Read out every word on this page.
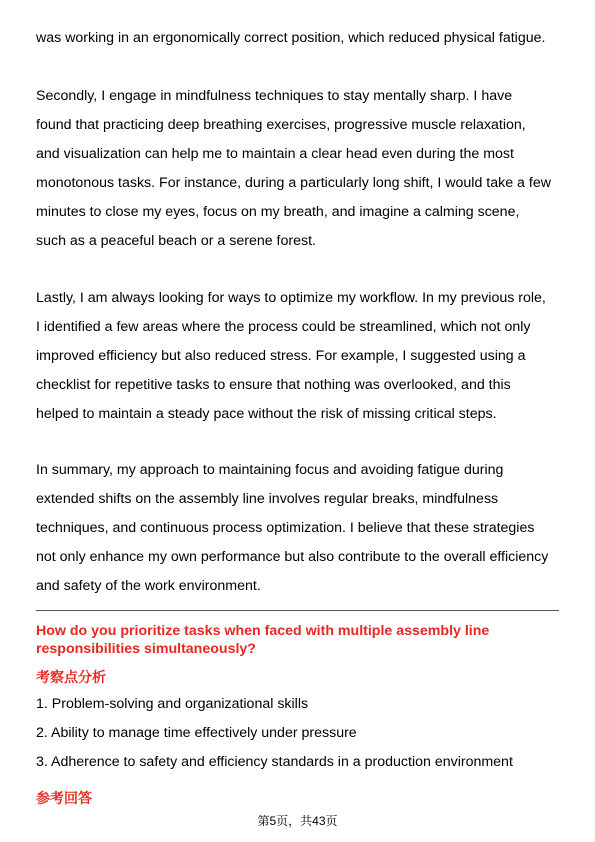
was working in an ergonomically correct position, which reduced physical fatigue.
Secondly, I engage in mindfulness techniques to stay mentally sharp. I have
found that practicing deep breathing exercises, progressive muscle relaxation,
and visualization can help me to maintain a clear head even during the most
monotonous tasks. For instance, during a particularly long shift, I would take a few
minutes to close my eyes, focus on my breath, and imagine a calming scene,
such as a peaceful beach or a serene forest.
Lastly, I am always looking for ways to optimize my workflow. In my previous role,
I identified a few areas where the process could be streamlined, which not only
improved efficiency but also reduced stress. For example, I suggested using a
checklist for repetitive tasks to ensure that nothing was overlooked, and this
helped to maintain a steady pace without the risk of missing critical steps.
In summary, my approach to maintaining focus and avoiding fatigue during
extended shifts on the assembly line involves regular breaks, mindfulness
techniques, and continuous process optimization. I believe that these strategies
not only enhance my own performance but also contribute to the overall efficiency
and safety of the work environment.
How do you prioritize tasks when faced with multiple assembly line
responsibilities simultaneously?
考察点分析
1. Problem-solving and organizational skills
2. Ability to manage time effectively under pressure
3. Adherence to safety and efficiency standards in a production environment
参考回答
第5页，共43页
